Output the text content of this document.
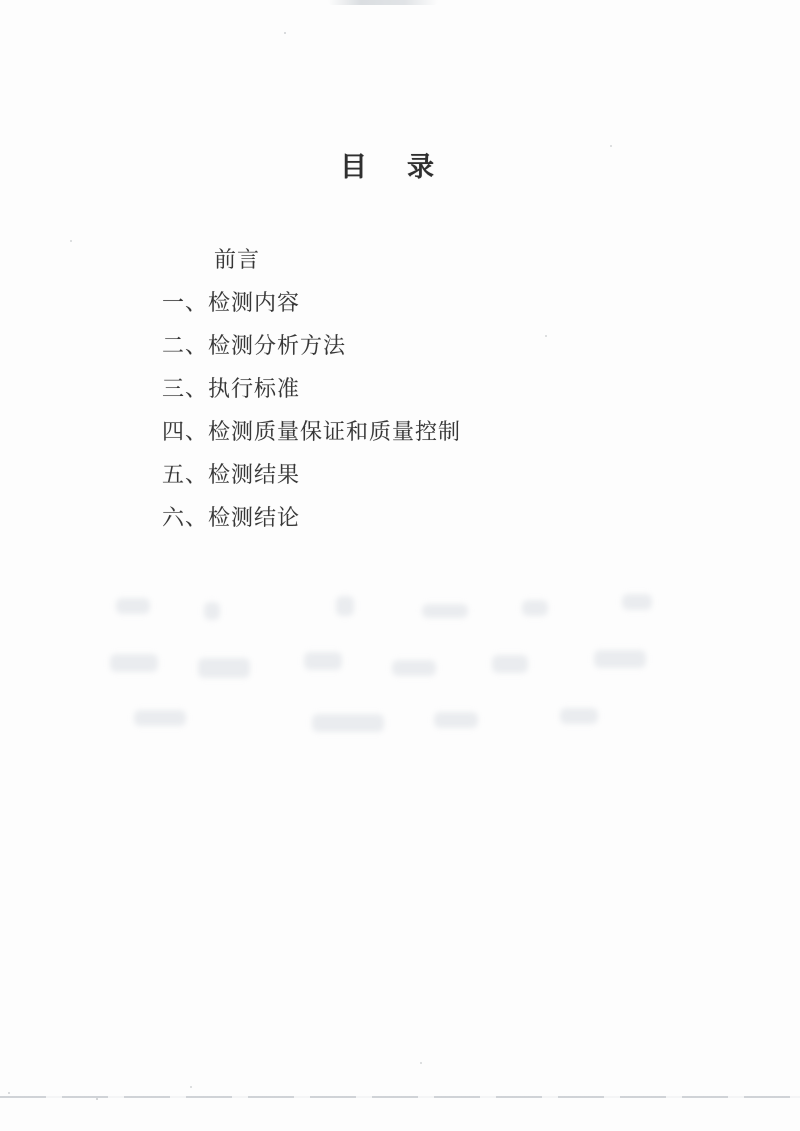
目 录
前言
一、检测内容
二、检测分析方法
三、执行标准
四、检测质量保证和质量控制
五、检测结果
六、检测结论
